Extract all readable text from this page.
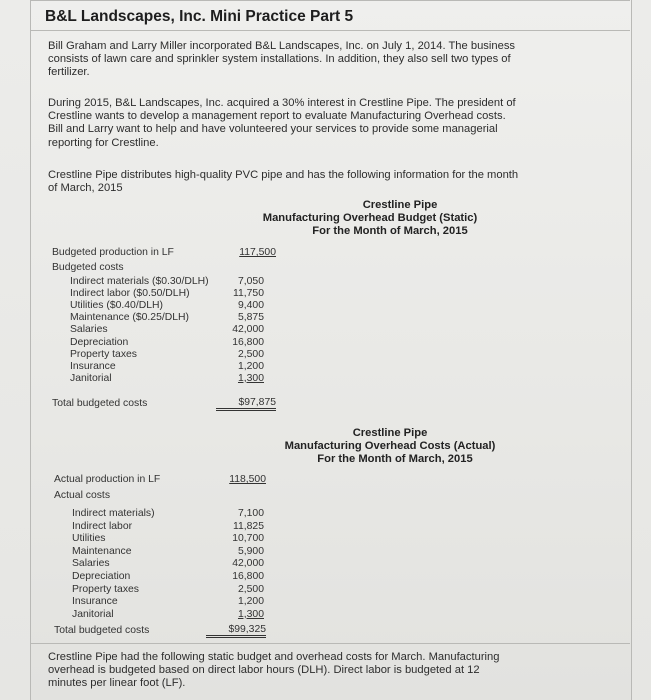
B&L Landscapes, Inc. Mini Practice Part 5
Bill Graham and Larry Miller incorporated B&L Landscapes, Inc. on July 1, 2014. The business
consists of lawn care and sprinkler system installations. In addition, they also sell two types of
fertilizer.
During 2015, B&L Landscapes, Inc. acquired a 30% interest in Crestline Pipe. The president of
Crestline wants to develop a management report to evaluate Manufacturing Overhead costs.
Bill and Larry want to help and have volunteered your services to provide some managerial
reporting for Crestline.
Crestline Pipe distributes high-quality PVC pipe and has the following information for the month
of March, 2015
Crestline Pipe
Manufacturing Overhead Budget (Static)
For the Month of March, 2015
Budgeted production in LF	117,500
Budgeted costs
Indirect materials ($0.30/DLH)	7,050
Indirect labor ($0.50/DLH)	11,750
Utilities ($0.40/DLH)	9,400
Maintenance ($0.25/DLH)	5,875
Salaries	42,000
Depreciation	16,800
Property taxes	2,500
Insurance	1,200
Janitorial	1,300
Total budgeted costs	$97,875
Crestline Pipe
Manufacturing Overhead Costs (Actual)
For the Month of March, 2015
Actual production in LF	118,500
Actual costs
Indirect materials)	7,100
Indirect labor	11,825
Utilities	10,700
Maintenance	5,900
Salaries	42,000
Depreciation	16,800
Property taxes	2,500
Insurance	1,200
Janitorial	1,300
Total budgeted costs	$99,325
Crestline Pipe had the following static budget and overhead costs for March. Manufacturing
overhead is budgeted based on direct labor hours (DLH). Direct labor is budgeted at 12
minutes per linear foot (LF).
